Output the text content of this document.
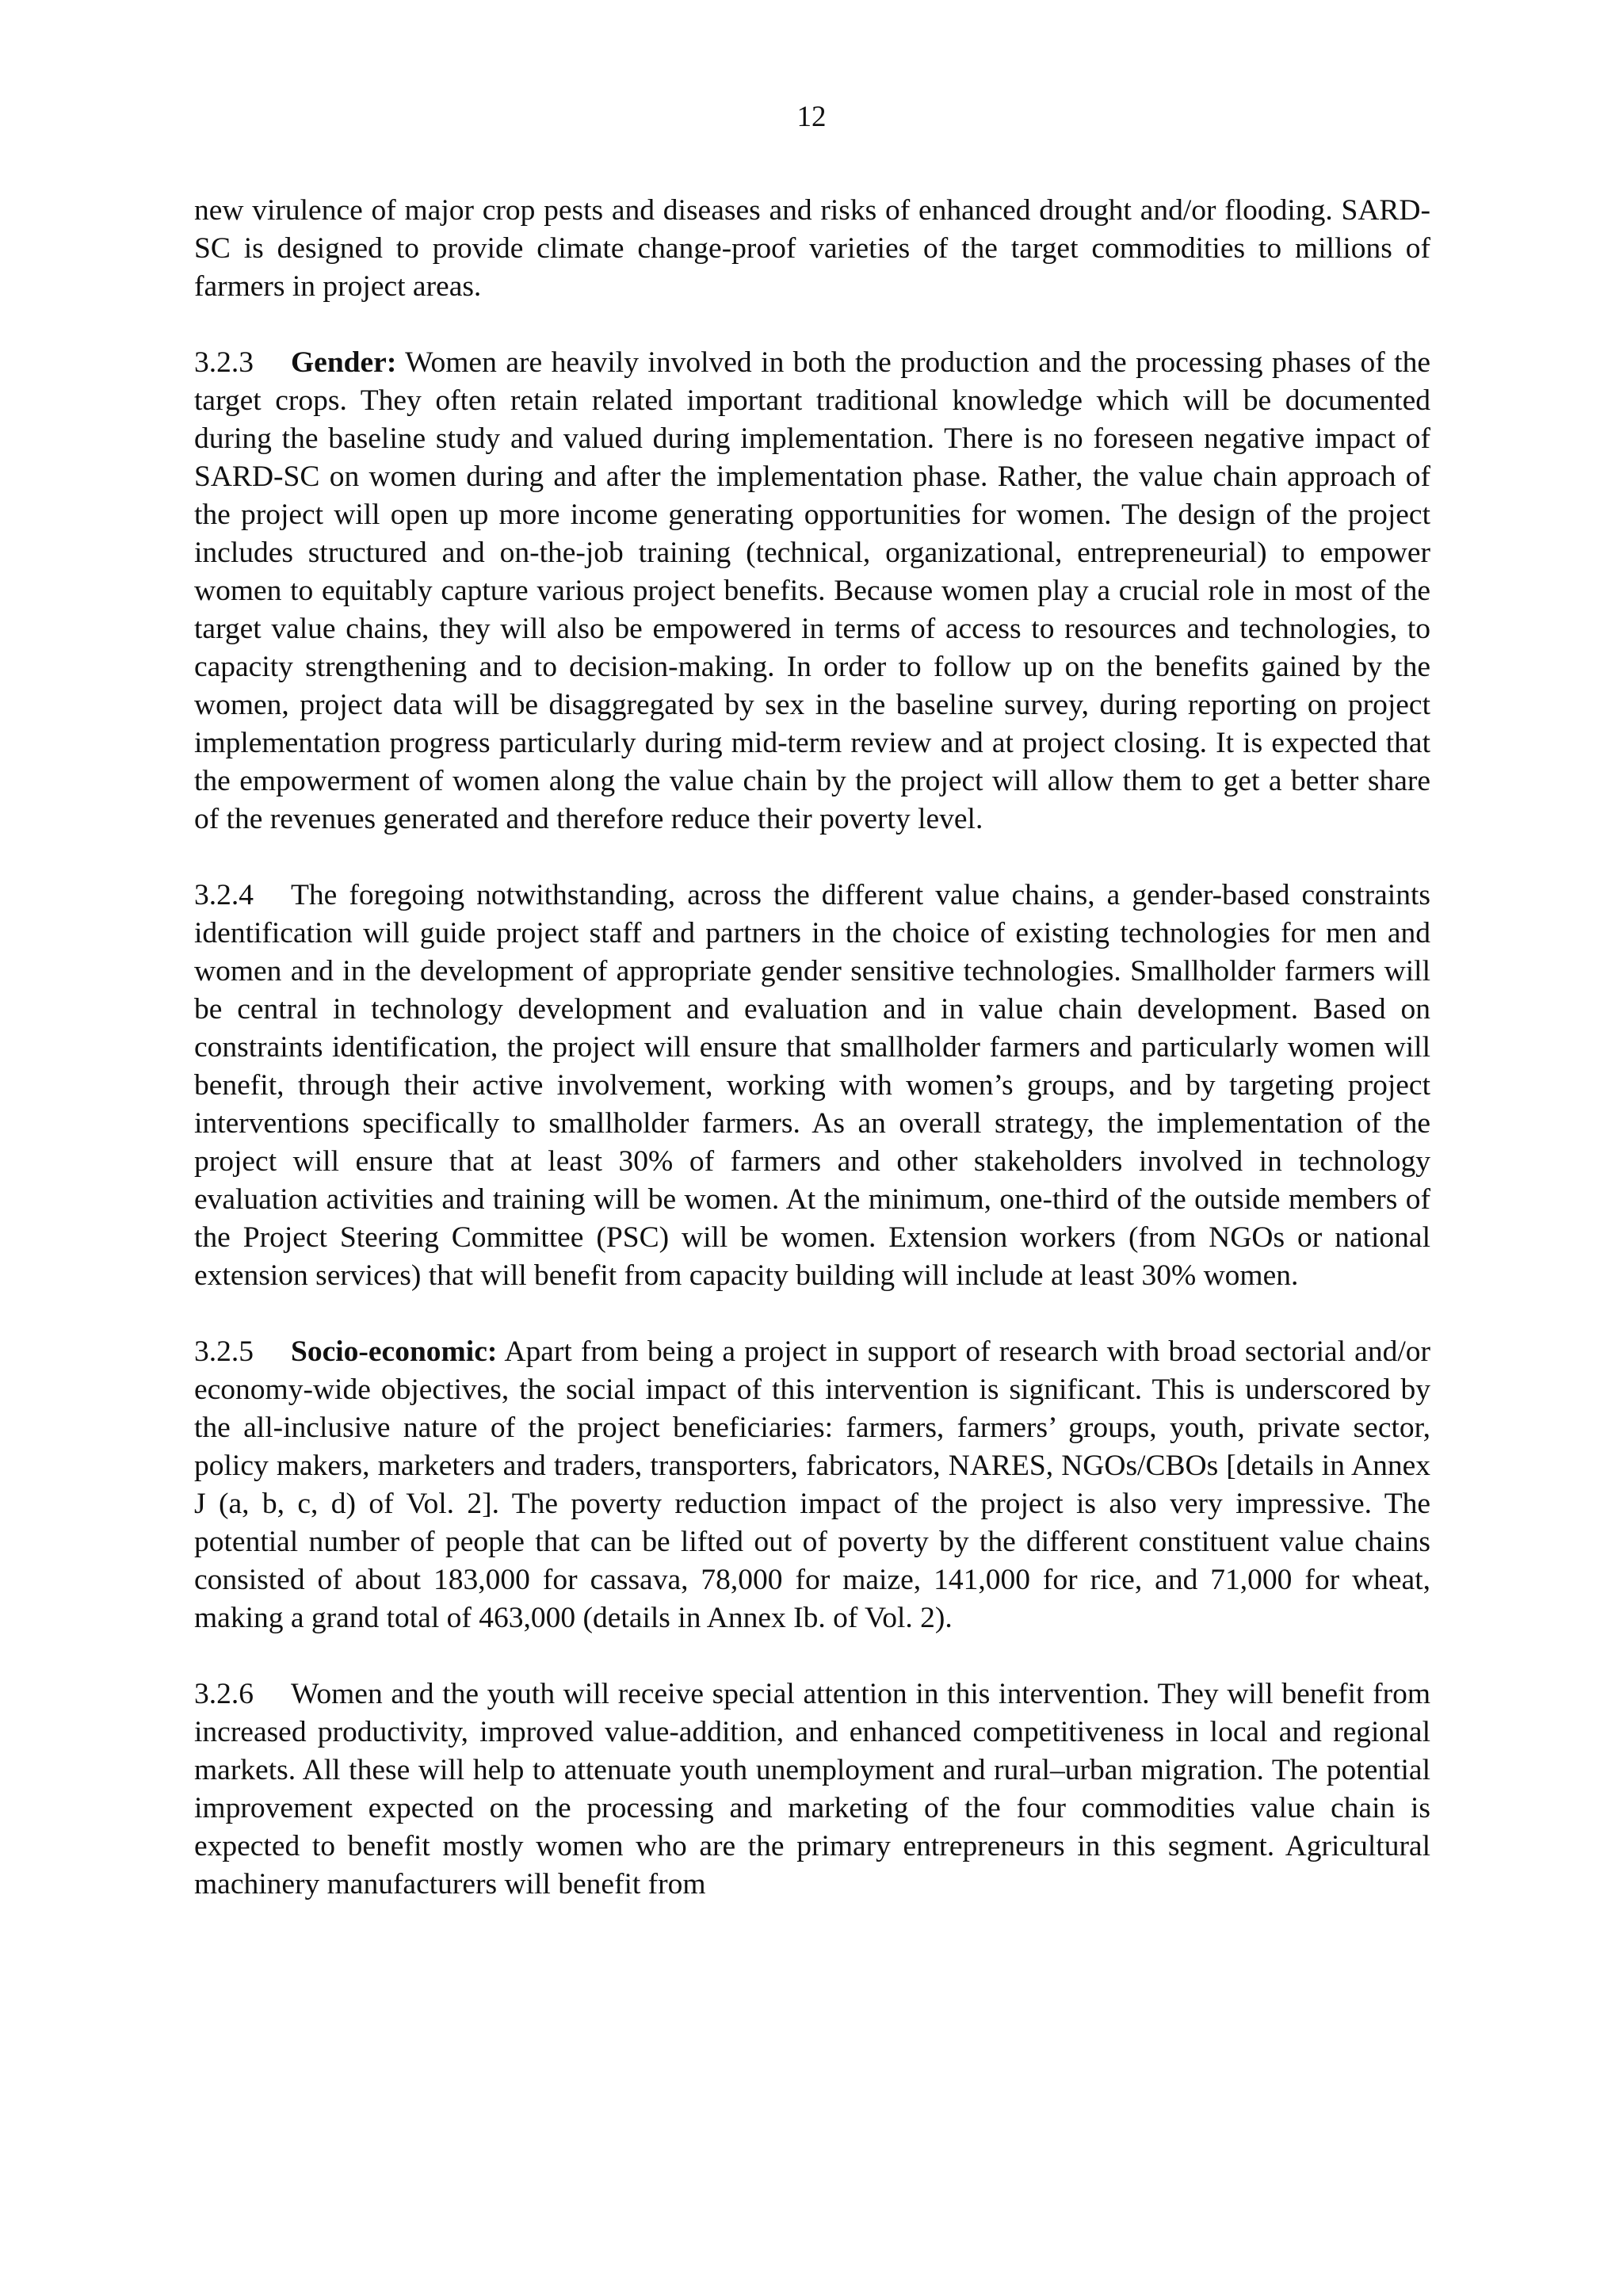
12

new virulence of major crop pests and diseases and risks of enhanced drought and/or flooding. SARD-SC is designed to provide climate change-proof varieties of the target commodities to millions of farmers in project areas.

3.2.3 Gender: Women are heavily involved in both the production and the processing phases of the target crops. They often retain related important traditional knowledge which will be documented during the baseline study and valued during implementation. There is no foreseen negative impact of SARD-SC on women during and after the implementation phase. Rather, the value chain approach of the project will open up more income generating opportunities for women. The design of the project includes structured and on-the-job training (technical, organizational, entrepreneurial) to empower women to equitably capture various project benefits. Because women play a crucial role in most of the target value chains, they will also be empowered in terms of access to resources and technologies, to capacity strengthening and to decision-making. In order to follow up on the benefits gained by the women, project data will be disaggregated by sex in the baseline survey, during reporting on project implementation progress particularly during mid-term review and at project closing. It is expected that the empowerment of women along the value chain by the project will allow them to get a better share of the revenues generated and therefore reduce their poverty level.

3.2.4 The foregoing notwithstanding, across the different value chains, a gender-based constraints identification will guide project staff and partners in the choice of existing technologies for men and women and in the development of appropriate gender sensitive technologies. Smallholder farmers will be central in technology development and evaluation and in value chain development. Based on constraints identification, the project will ensure that smallholder farmers and particularly women will benefit, through their active involvement, working with women’s groups, and by targeting project interventions specifically to smallholder farmers. As an overall strategy, the implementation of the project will ensure that at least 30% of farmers and other stakeholders involved in technology evaluation activities and training will be women. At the minimum, one-third of the outside members of the Project Steering Committee (PSC) will be women. Extension workers (from NGOs or national extension services) that will benefit from capacity building will include at least 30% women.

3.2.5 Socio-economic: Apart from being a project in support of research with broad sectorial and/or economy-wide objectives, the social impact of this intervention is significant. This is underscored by the all-inclusive nature of the project beneficiaries: farmers, farmers’ groups, youth, private sector, policy makers, marketers and traders, transporters, fabricators, NARES, NGOs/CBOs [details in Annex J (a, b, c, d) of Vol. 2]. The poverty reduction impact of the project is also very impressive. The potential number of people that can be lifted out of poverty by the different constituent value chains consisted of about 183,000 for cassava, 78,000 for maize, 141,000 for rice, and 71,000 for wheat, making a grand total of 463,000 (details in Annex Ib. of Vol. 2).

3.2.6 Women and the youth will receive special attention in this intervention. They will benefit from increased productivity, improved value-addition, and enhanced competitiveness in local and regional markets. All these will help to attenuate youth unemployment and rural–urban migration. The potential improvement expected on the processing and marketing of the four commodities value chain is expected to benefit mostly women who are the primary entrepreneurs in this segment. Agricultural machinery manufacturers will benefit from
